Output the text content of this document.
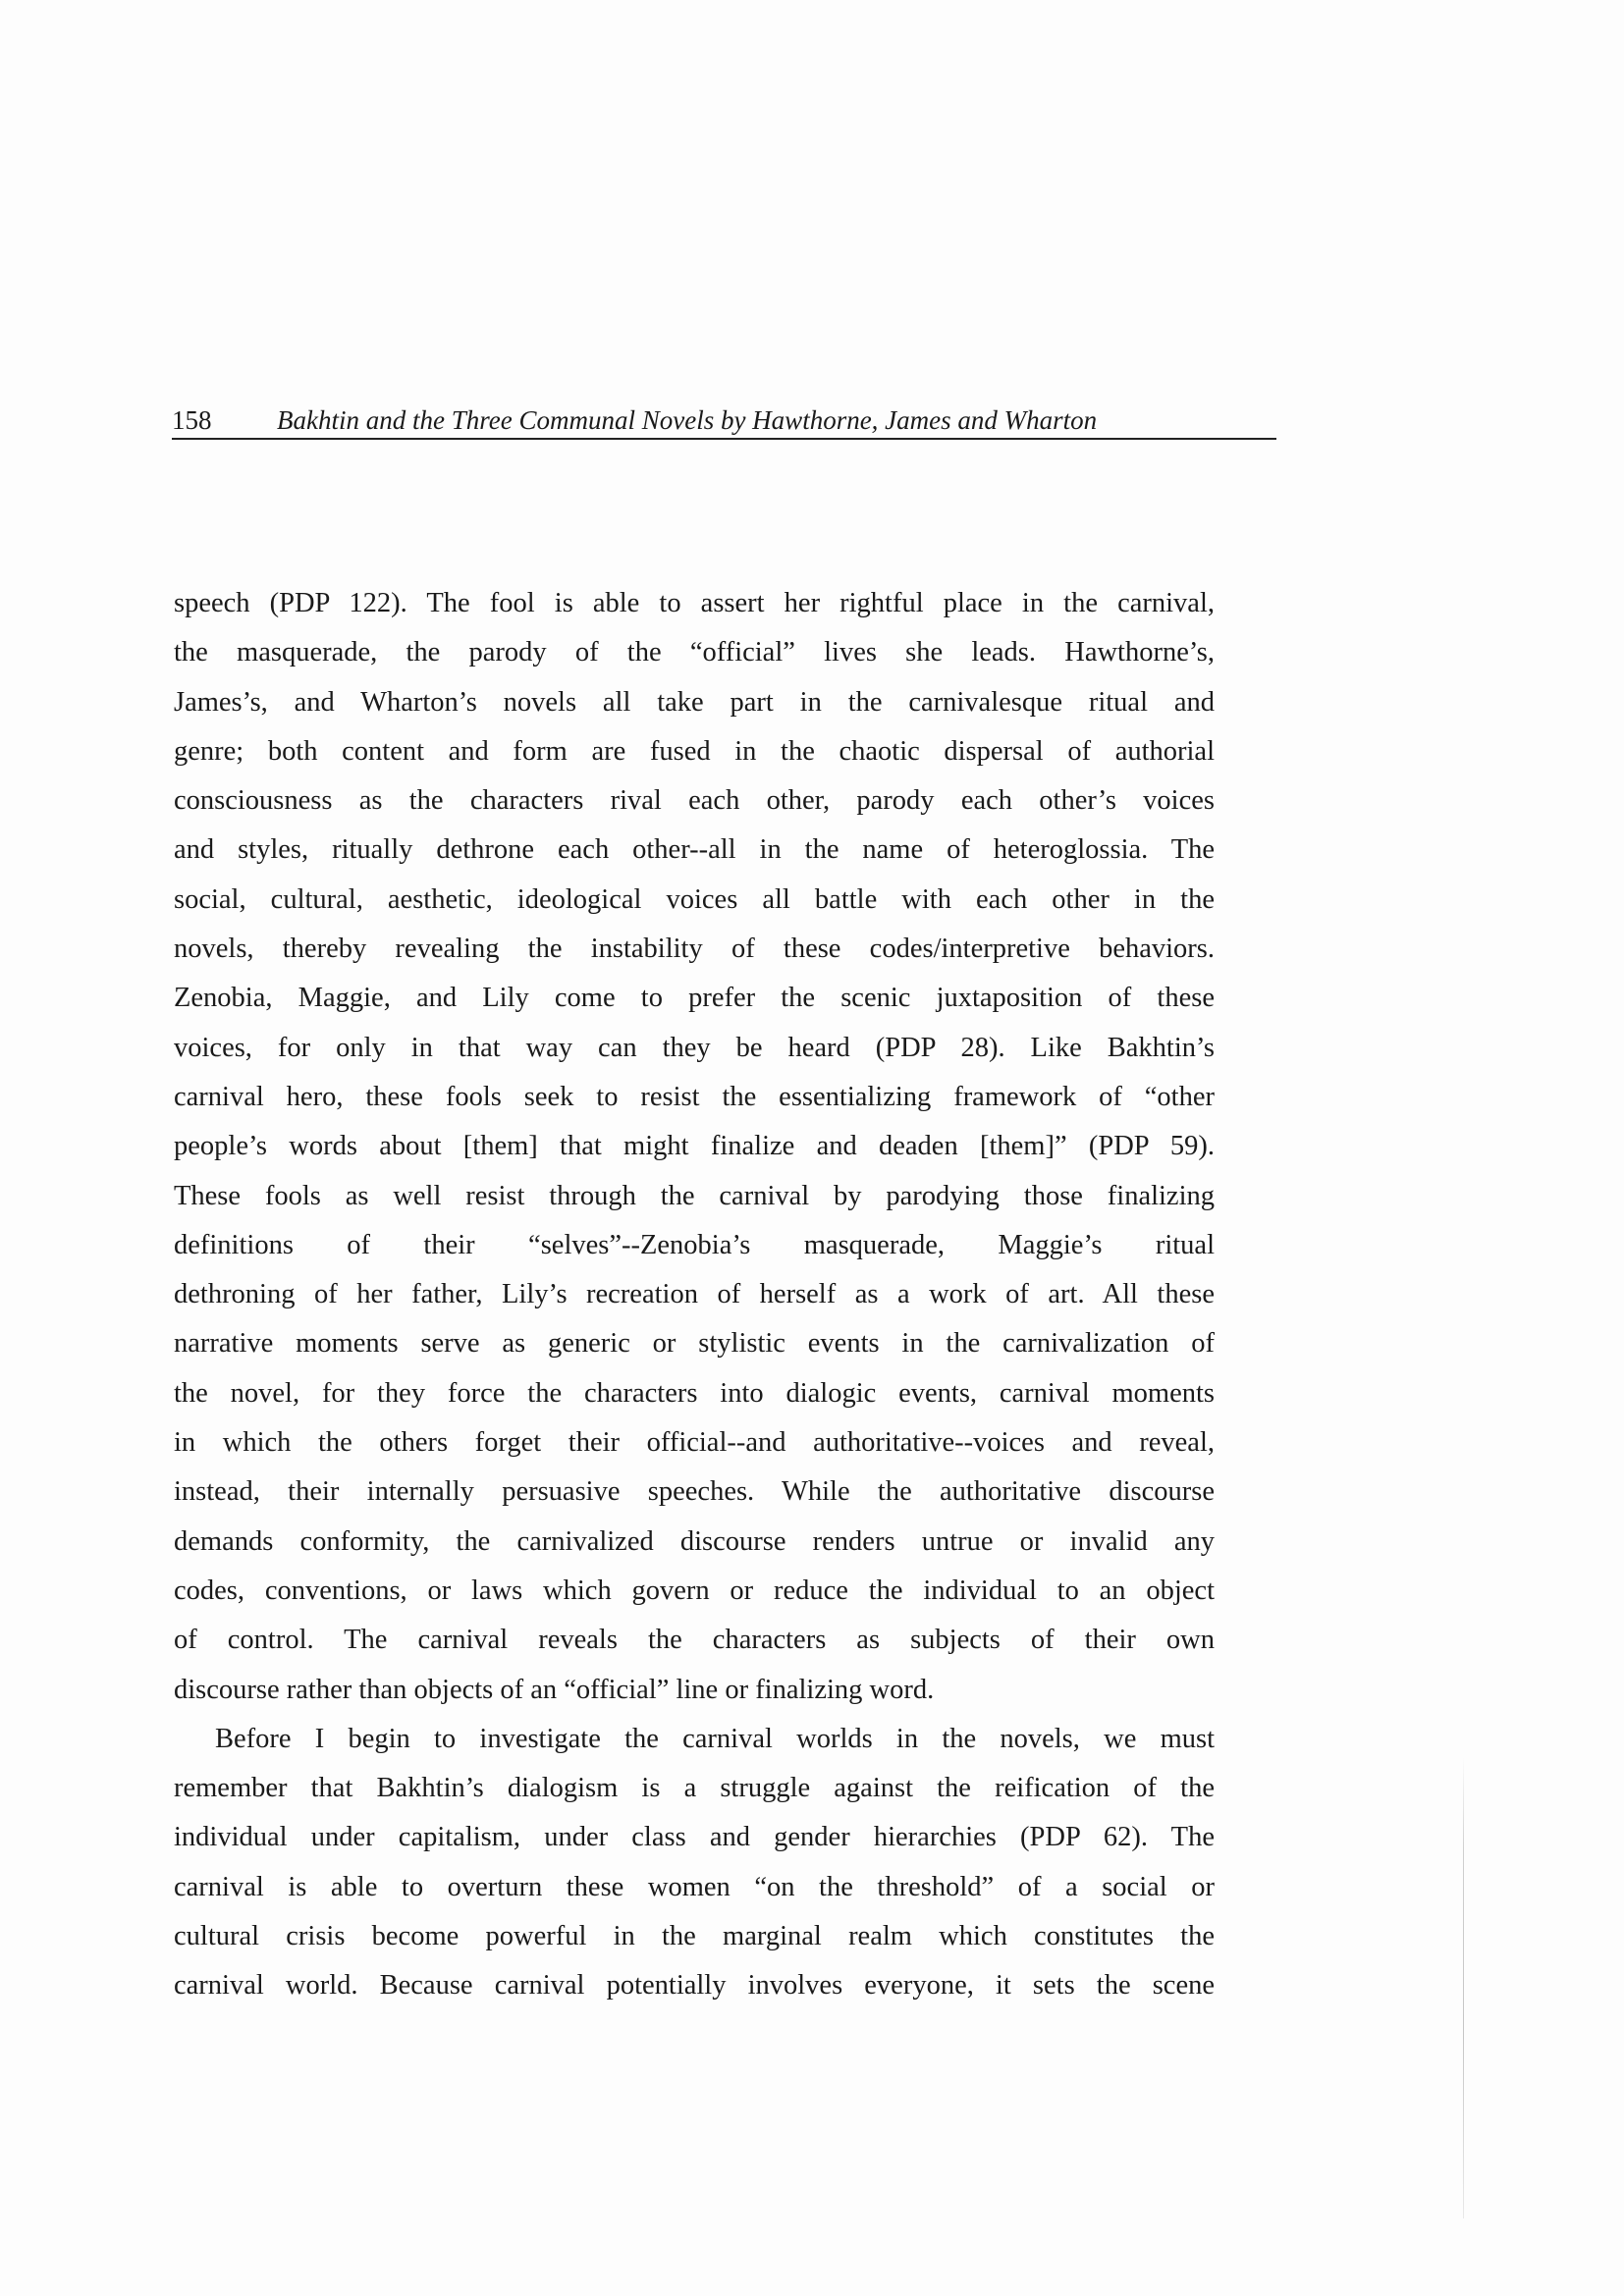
158 Bakhtin and the Three Communal Novels by Hawthorne, James and Wharton
speech (PDP 122). The fool is able to assert her rightful place in the carnival,
the masquerade, the parody of the “official” lives she leads. Hawthorne’s,
James’s, and Wharton’s novels all take part in the carnivalesque ritual and
genre; both content and form are fused in the chaotic dispersal of authorial
consciousness as the characters rival each other, parody each other’s voices
and styles, ritually dethrone each other--all in the name of heteroglossia. The
social, cultural, aesthetic, ideological voices all battle with each other in the
novels, thereby revealing the instability of these codes/interpretive behaviors.
Zenobia, Maggie, and Lily come to prefer the scenic juxtaposition of these
voices, for only in that way can they be heard (PDP 28). Like Bakhtin’s
carnival hero, these fools seek to resist the essentializing framework of “other
people’s words about [them] that might finalize and deaden [them]” (PDP 59).
These fools as well resist through the carnival by parodying those finalizing
definitions of their “selves”--Zenobia’s masquerade, Maggie’s ritual
dethroning of her father, Lily’s recreation of herself as a work of art. All these
narrative moments serve as generic or stylistic events in the carnivalization of
the novel, for they force the characters into dialogic events, carnival moments
in which the others forget their official--and authoritative--voices and reveal,
instead, their internally persuasive speeches. While the authoritative discourse
demands conformity, the carnivalized discourse renders untrue or invalid any
codes, conventions, or laws which govern or reduce the individual to an object
of control. The carnival reveals the characters as subjects of their own
discourse rather than objects of an “official” line or finalizing word.
Before I begin to investigate the carnival worlds in the novels, we must
remember that Bakhtin’s dialogism is a struggle against the reification of the
individual under capitalism, under class and gender hierarchies (PDP 62). The
carnival is able to overturn these women “on the threshold” of a social or
cultural crisis become powerful in the marginal realm which constitutes the
carnival world. Because carnival potentially involves everyone, it sets the scene
